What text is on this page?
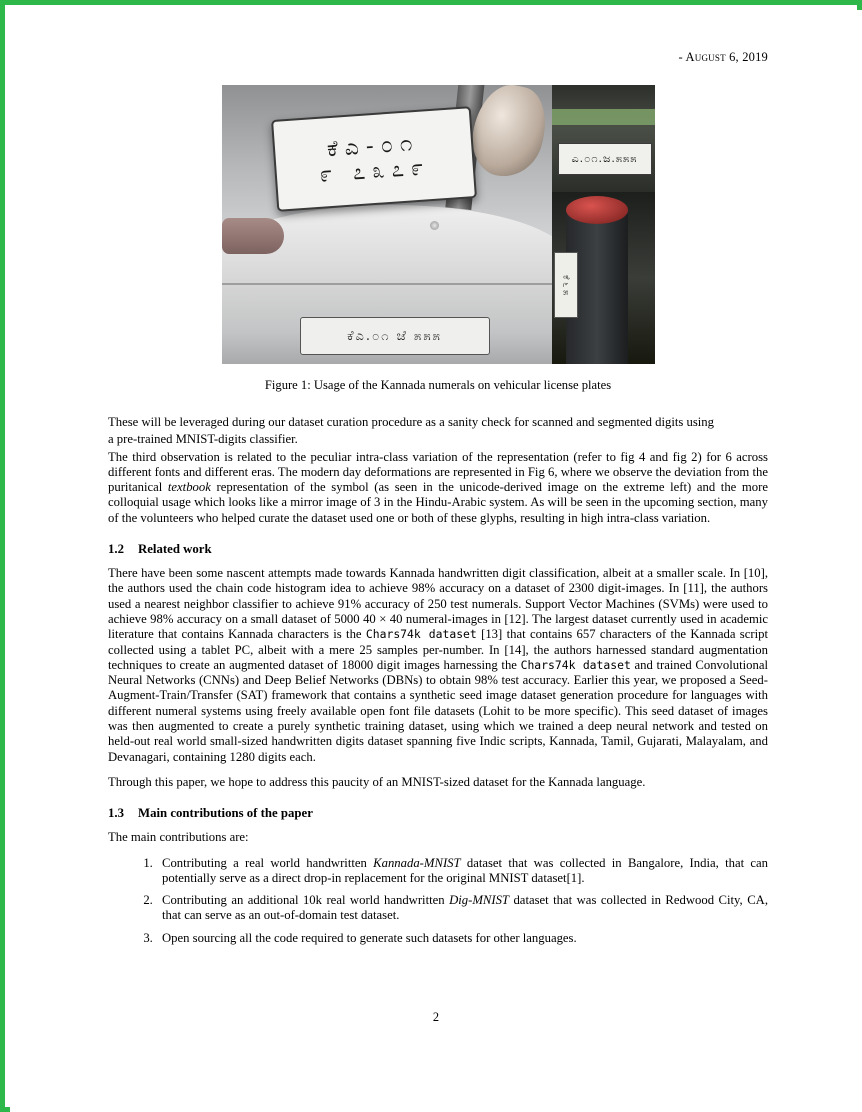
- August 6, 2019
ಕೆಎ-೦೧
೯ ೭೩೭೯
ಕೆಎ.೦೧ ಜೆ ೫೫೫
ಎ.೦೧.ಜ.೫೫೫
ಕೆ ೬ ೫
Figure 1: Usage of the Kannada numerals on vehicular license plates

These will be leveraged during our dataset curation procedure as a sanity check for scanned and segmented digits using

a pre-trained MNIST-digits classifier.

The third observation is related to the peculiar intra-class variation of the representation (refer to fig 4 and fig 2) for 6 across different fonts and different eras. The modern day deformations are represented in Fig 6, where we observe the deviation from the puritanical textbook representation of the symbol (as seen in the unicode-derived image on the extreme left) and the more colloquial usage which looks like a mirror image of 3 in the Hindu-Arabic system. As will be seen in the upcoming section, many of the volunteers who helped curate the dataset used one or both of these glyphs, resulting in high intra-class variation.

1.2 Related work

There have been some nascent attempts made towards Kannada handwritten digit classification, albeit at a smaller scale. In [10], the authors used the chain code histogram idea to achieve 98% accuracy on a dataset of 2300 digit-images. In [11], the authors used a nearest neighbor classifier to achieve 91% accuracy of 250 test numerals. Support Vector Machines (SVMs) were used to achieve 98% accuracy on a small dataset of 5000 40 × 40 numeral-images in [12]. The largest dataset currently used in academic literature that contains Kannada characters is the Chars74k dataset [13] that contains 657 characters of the Kannada script collected using a tablet PC, albeit with a mere 25 samples per-number. In [14], the authors harnessed standard augmentation techniques to create an augmented dataset of 18000 digit images harnessing the Chars74k dataset and trained Convolutional Neural Networks (CNNs) and Deep Belief Networks (DBNs) to obtain 98% test accuracy. Earlier this year, we proposed a Seed-Augment-Train/Transfer (SAT) framework that contains a synthetic seed image dataset generation procedure for languages with different numeral systems using freely available open font file datasets (Lohit to be more specific). This seed dataset of images was then augmented to create a purely synthetic training dataset, using which we trained a deep neural network and tested on held-out real world small-sized handwritten digits dataset spanning five Indic scripts, Kannada, Tamil, Gujarati, Malayalam, and Devanagari, containing 1280 digits each.

Through this paper, we hope to address this paucity of an MNIST-sized dataset for the Kannada language.

1.3 Main contributions of the paper

The main contributions are:

1. Contributing a real world handwritten Kannada-MNIST dataset that was collected in Bangalore, India, that can potentially serve as a direct drop-in replacement for the original MNIST dataset[1].
2. Contributing an additional 10k real world handwritten Dig-MNIST dataset that was collected in Redwood City, CA, that can serve as an out-of-domain test dataset.
3. Open sourcing all the code required to generate such datasets for other languages.
2
